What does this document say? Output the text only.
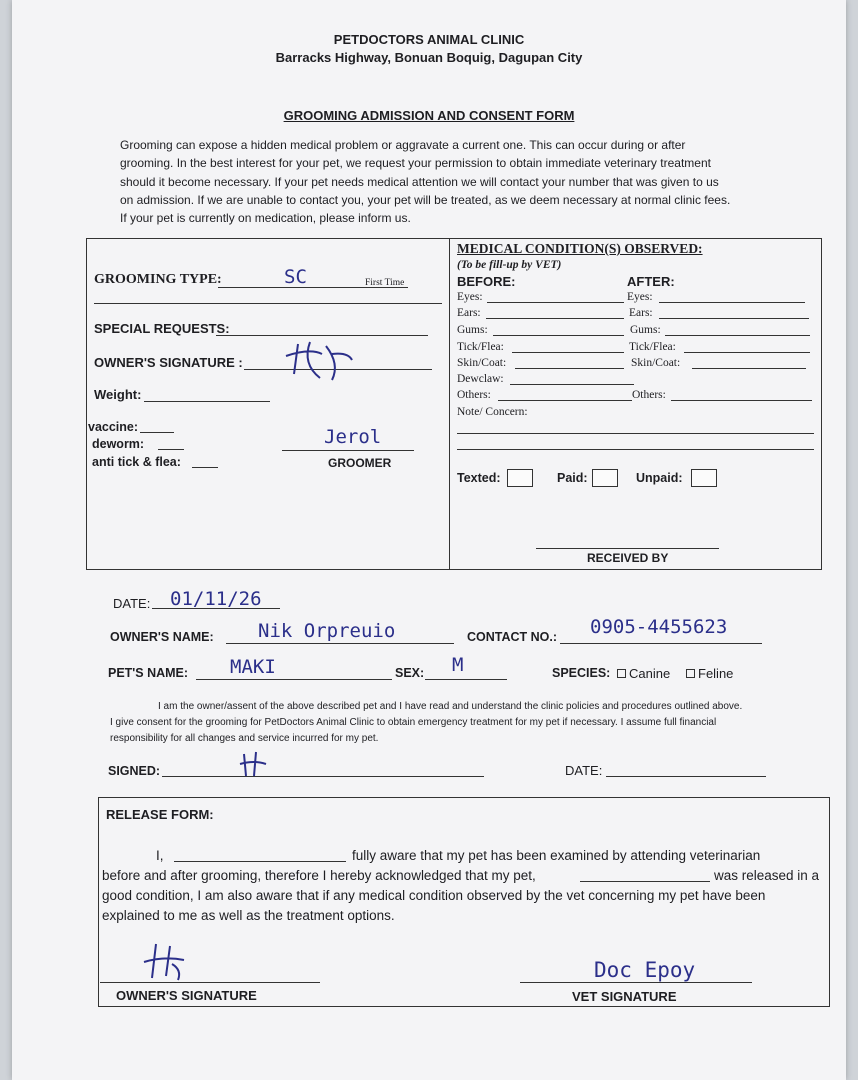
PETDOCTORS ANIMAL CLINIC
Barracks Highway, Bonuan Boquig, Dagupan City
GROOMING ADMISSION AND CONSENT FORM
Grooming can expose a hidden medical problem or aggravate a current one. This can occur during or after
grooming. In the best interest for your pet, we request your permission to obtain immediate veterinary treatment
should it become necessary. If your pet needs medical attention we will contact your number that was given to us
on admission. If we are unable to contact you, your pet will be treated, as we deem necessary at normal clinic fees.
If your pet is currently on medication, please inform us.
GROOMING TYPE:	SC	First Time
SPECIAL REQUESTS:
OWNER'S SIGNATURE :
Weight:
vaccine:
deworm:
anti tick & flea:
Jerol
GROOMER
MEDICAL CONDITION(S) OBSERVED:
(To be fill-up by VET)
BEFORE:	AFTER:
Eyes:	Eyes:
Ears:	Ears:
Gums:	Gums:
Tick/Flea:	Tick/Flea:
Skin/Coat:	Skin/Coat:
Dewclaw:
Others:	Others:
Note/ Concern:
Texted:	Paid:	Unpaid:
RECEIVED BY
DATE: 01/11/26
OWNER'S NAME: Nik Orpreuio	CONTACT NO.: 0905-4455623
PET'S NAME: MAKI	SEX: M	SPECIES: Canine Feline
I am the owner/assent of the above described pet and I have read and understand the clinic policies and procedures outlined above.
I give consent for the grooming for PetDoctors Animal Clinic to obtain emergency treatment for my pet if necessary. I assume full financial
responsibility for all changes and service incurred for my pet.
SIGNED:	DATE:
RELEASE FORM:
I,	fully aware that my pet has been examined by attending veterinarian
before and after grooming, therefore I hereby acknowledged that my pet,	was released in a
good condition, I am also aware that if any medical condition observed by the vet concerning my pet have been
explained to me as well as the treatment options.
OWNER'S SIGNATURE
Doc Epoy
VET SIGNATURE
